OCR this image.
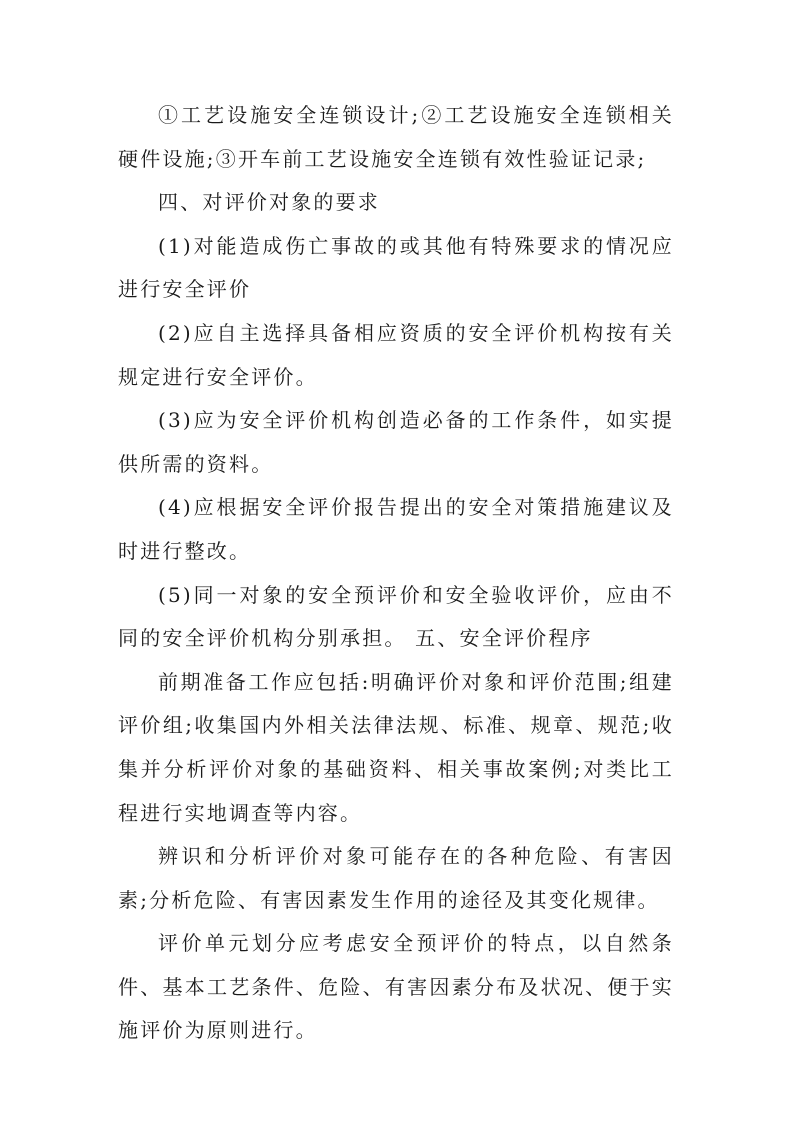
①工艺设施安全连锁设计;②工艺设施安全连锁相关硬件设施;③开车前工艺设施安全连锁有效性验证记录;

四、对评价对象的要求

(1)对能造成伤亡事故的或其他有特殊要求的情况应进行安全评价

(2)应自主选择具备相应资质的安全评价机构按有关规定进行安全评价。

(3)应为安全评价机构创造必备的工作条件，如实提供所需的资料。

(4)应根据安全评价报告提出的安全对策措施建议及时进行整改。

(5)同一对象的安全预评价和安全验收评价，应由不同的安全评价机构分别承担。 五、安全评价程序

前期准备工作应包括:明确评价对象和评价范围;组建评价组;收集国内外相关法律法规、标准、规章、规范;收集并分析评价对象的基础资料、相关事故案例;对类比工程进行实地调查等内容。

辨识和分析评价对象可能存在的各种危险、有害因素;分析危险、有害因素发生作用的途径及其变化规律。

评价单元划分应考虑安全预评价的特点，以自然条件、基本工艺条件、危险、有害因素分布及状况、便于实施评价为原则进行。
